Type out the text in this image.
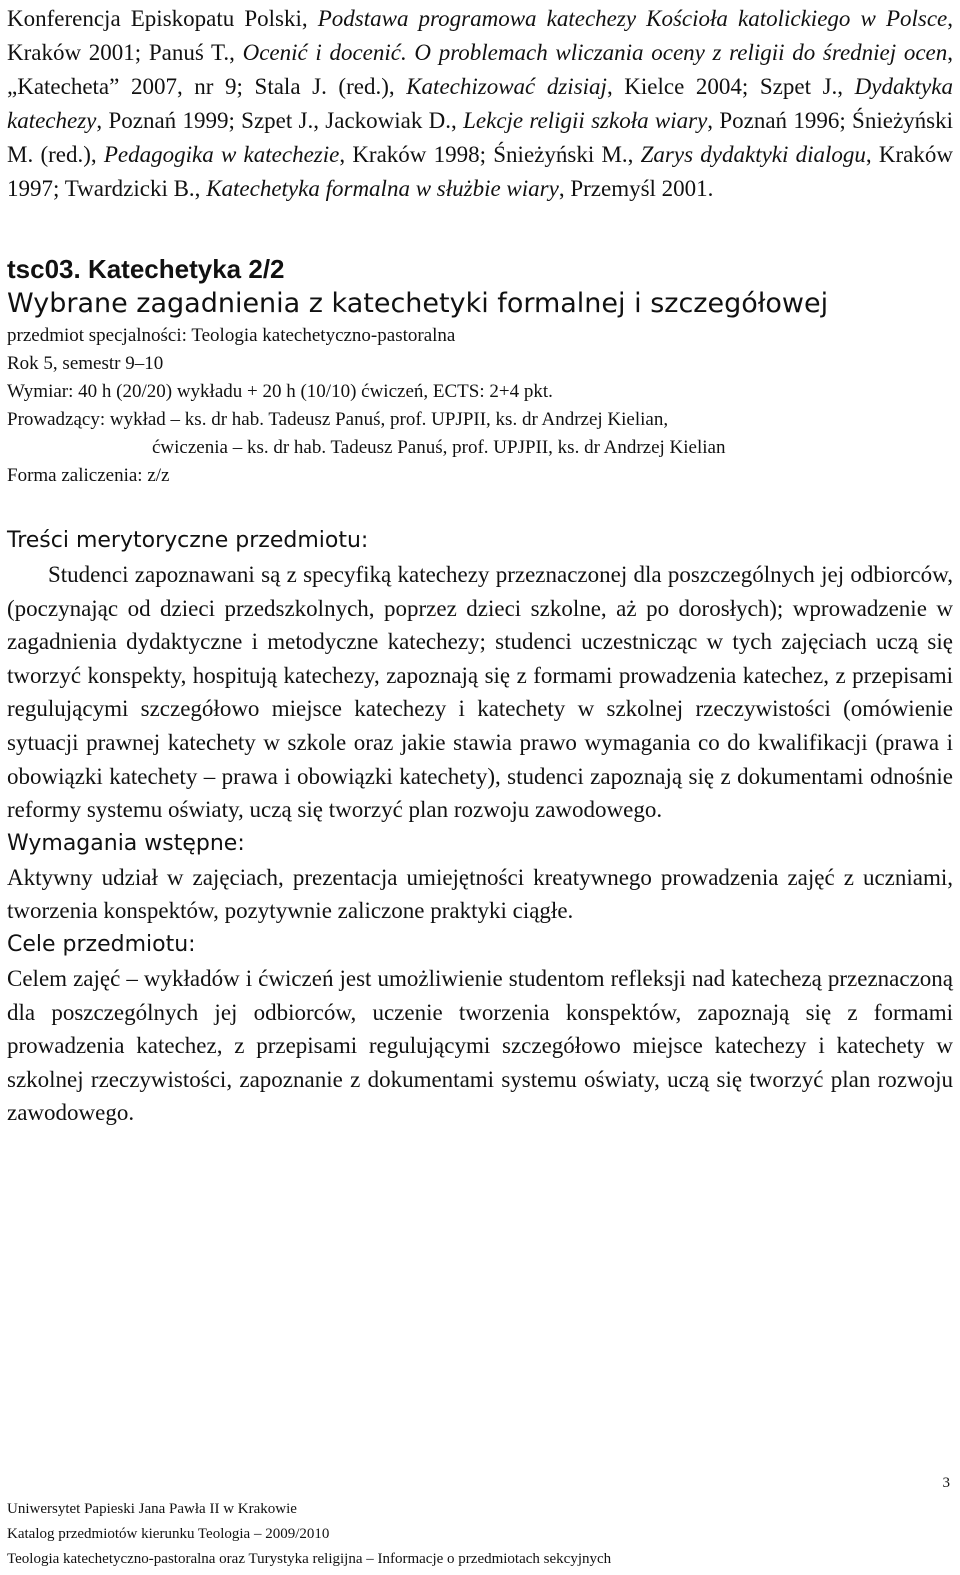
Konferencja Episkopatu Polski, Podstawa programowa katechezy Kościoła katolickiego w Polsce, Kraków 2001; Panuś T., Ocenić i docenić. O problemach wliczania oceny z religii do średniej ocen, „Katecheta” 2007, nr 9; Stala J. (red.), Katechizować dzisiaj, Kielce 2004; Szpet J., Dydaktyka katechezy, Poznań 1999; Szpet J., Jackowiak D., Lekcje religii szkoła wiary, Poznań 1996; Śnieżyński M. (red.), Pedagogika w katechezie, Kraków 1998; Śnieżyński M., Zarys dydaktyki dialogu, Kraków 1997; Twardzicki B., Katechetyka formalna w służbie wiary, Przemyśl 2001.

tsc03. Katechetyka 2/2
Wybrane zagadnienia z katechetyki formalnej i szczegółowej
przedmiot specjalności: Teologia katechetyczno-pastoralna
Rok 5, semestr 9–10
Wymiar: 40 h (20/20) wykładu + 20 h (10/10) ćwiczeń, ECTS: 2+4 pkt.
Prowadzący: wykład – ks. dr hab. Tadeusz Panuś, prof. UPJPII, ks. dr Andrzej Kielian,
ćwiczenia – ks. dr hab. Tadeusz Panuś, prof. UPJPII, ks. dr Andrzej Kielian
Forma zaliczenia: z/z
Treści merytoryczne przedmiotu:

Studenci zapoznawani są z specyfiką katechezy przeznaczonej dla poszczególnych jej odbiorców, (poczynając od dzieci przedszkolnych, poprzez dzieci szkolne, aż po dorosłych); wprowadzenie w zagadnienia dydaktyczne i metodyczne katechezy; studenci uczestnicząc w tych zajęciach uczą się tworzyć konspekty, hospitują katechezy, zapoznają się z formami prowadzenia katechez, z przepisami regulującymi szczegółowo miejsce katechezy i katechety w szkolnej rzeczywistości (omówienie sytuacji prawnej katechety w szkole oraz jakie stawia prawo wymagania co do kwalifikacji (prawa i obowiązki katechety – prawa i obowiązki katechety), studenci zapoznają się z dokumentami odnośnie reformy systemu oświaty, uczą się tworzyć plan rozwoju zawodowego.

Wymagania wstępne:

Aktywny udział w zajęciach, prezentacja umiejętności kreatywnego prowadzenia zajęć z uczniami, tworzenia konspektów, pozytywnie zaliczone praktyki ciągłe.

Cele przedmiotu:

Celem zajęć – wykładów i ćwiczeń jest umożliwienie studentom refleksji nad katechezą przeznaczoną dla poszczególnych jej odbiorców, uczenie tworzenia konspektów, zapoznają się z formami prowadzenia katechez, z przepisami regulującymi szczegółowo miejsce katechezy i katechety w szkolnej rzeczywistości, zapoznanie z dokumentami systemu oświaty, uczą się tworzyć plan rozwoju zawodowego.

3
Uniwersytet Papieski Jana Pawła II w Krakowie
Katalog przedmiotów kierunku Teologia – 2009/2010
Teologia katechetyczno-pastoralna oraz Turystyka religijna – Informacje o przedmiotach sekcyjnych
